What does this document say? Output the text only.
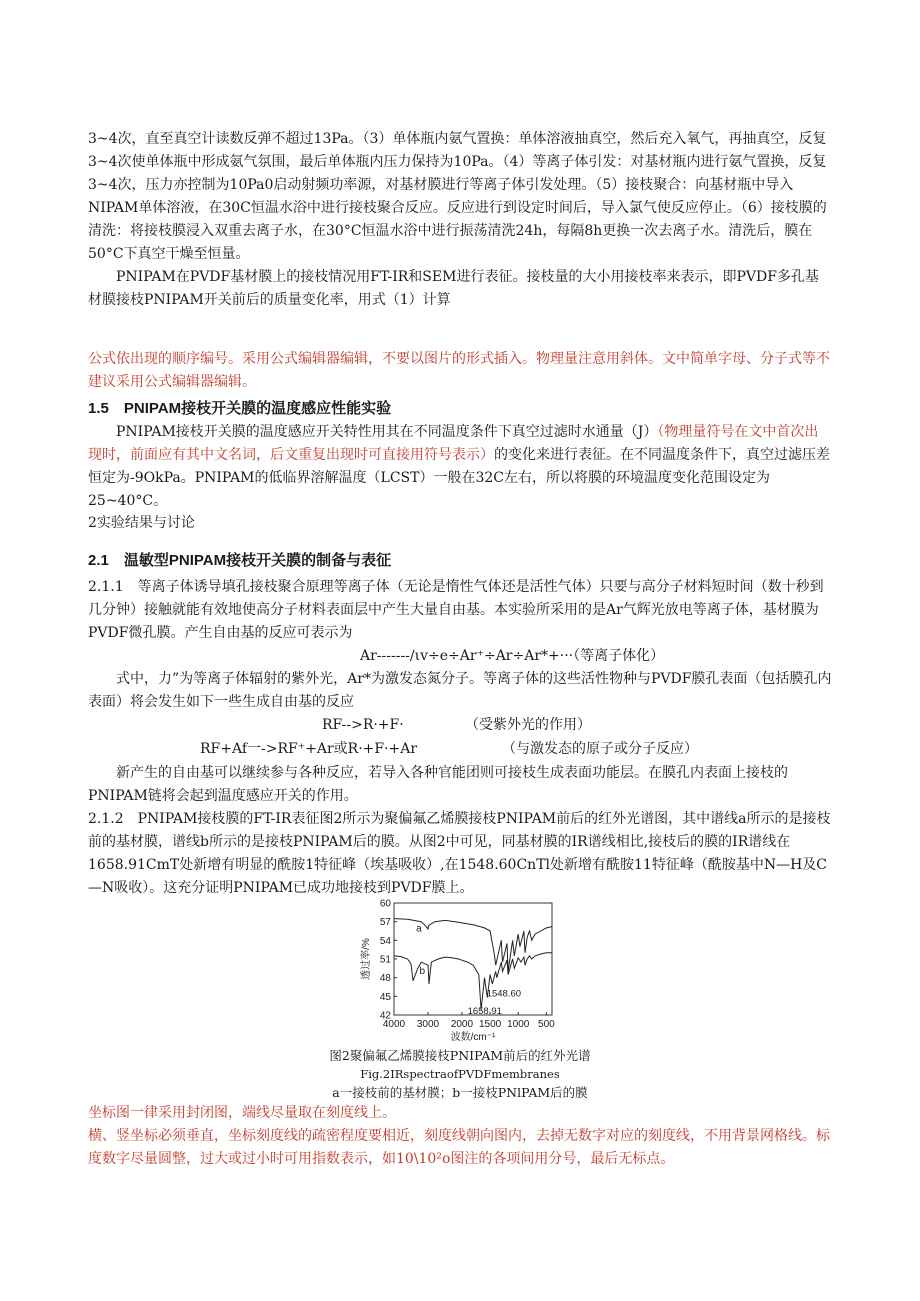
3~4次，直至真空计读数反弹不超过13Pa。（3）单体瓶内氨气置换：单体溶液抽真空，然后充入氧气，再抽真空，反复3~4次使单体瓶中形成氨气氛围，最后单体瓶内压力保持为10Pa。（4）等离子体引发：对基材瓶内进行氨气置换，反复3~4次，压力亦控制为10Pa0启动射频功率源，对基材膜进行等离子体引发处理。（5）接枝聚合：向基材瓶中导入NIPAM单体溶液，在30C恒温水浴中进行接枝聚合反应。反应进行到设定时间后，导入氯气使反应停止。（6）接枝膜的清洗：将接枝膜浸入双重去离子水，在30°C恒温水浴中进行振荡清洗24h，每隔8h更换一次去离子水。清洗后，膜在50°C下真空干燥至恒量。

PNIPAM在PVDF基材膜上的接枝情况用FT-IR和SEM进行表征。接枝量的大小用接枝率来表示，即PVDF多孔基材膜接枝PNIPAM开关前后的质量变化率，用式（1）计算

公式依出现的顺序编号。采用公式编辑器编辑，不要以图片的形式插入。物理量注意用斜体。文中简单字母、分子式等不建议采用公式编辑器编辑。

1.5　PNIPAM接枝开关膜的温度感应性能实验

PNIPAM接枝开关膜的温度感应开关特性用其在不同温度条件下真空过滤时水通量（J）（物理量符号在文中首次出现时，前面应有其中文名词，后文重复出现时可直接用符号表示）的变化来进行表征。在不同温度条件下，真空过滤压差恒定为-9OkPa。PNIPAM的低临界溶解温度（LCST）一般在32C左右，所以将膜的环境温度变化范围设定为25~40°C。

2实验结果与讨论

2.1　温敏型PNIPAM接枝开关膜的制备与表征

2.1.1　等离子体诱导填孔接枝聚合原理等离子体（无论是惰性气体还是活性气体）只要与高分子材料短时间（数十秒到几分钟）接触就能有效地使高分子材料表面层中产生大量自由基。本实验所采用的是Ar气辉光放电等离子体，基材膜为PVDF微孔膜。产生自由基的反应可表示为

Ar-------∕ιv÷e÷Ar⁺÷Ar÷Ar*+···（等离子体化）

式中，力”为等离子体辐射的紫外光，Ar*为激发态氮分子。等离子体的这些活性物种与PVDF膜孔表面（包括膜孔内表面）将会发生如下一些生成自由基的反应

RF-->R·+F·	（受紫外光的作用）
RF+Af一->RF⁺+Ar或R·+F·+Ar	（与激发态的原子或分子反应）

新产生的自由基可以继续参与各种反应，若导入各种官能团则可接枝生成表面功能层。在膜孔内表面上接枝的PNIPAM链将会起到温度感应开关的作用。

2.1.2　PNIPAM接枝膜的FT-IR表征图2所示为聚偏氟乙烯膜接枝PNIPAM前后的红外光谱图，其中谱线a所示的是接枝前的基材膜，谱线b所示的是接枝PNIPAM后的膜。从图2中可见，同基材膜的IR谱线相比,接枝后的膜的IR谱线在1658.91CmT处新增有明显的酰胺1特征峰（埃基吸收）,在1548.60CnTl处新增有酰胺11特征峰（酰胺基中N—H及C—N吸收）。这充分证明PNIPAM已成功地接枝到PVDF膜上。

60
57
54
51
48
45
42
4000 3000 2000 1500 1000 500
波数/cm⁻¹
透过率/%
a
b
1658.91
1548.60
图2聚偏氟乙烯膜接枝PNIPAM前后的红外光谱
Fig.2IRspectraofPVDFmembranes
a一接枝前的基材膜；b一接枝PNlPAM后的膜

坐标图一律采用封闭图，端线尽量取在刻度线上。

横、竖坐标必须垂直，坐标刻度线的疏密程度要相近，刻度线朝向图内，去掉无数字对应的刻度线，不用背景网格线。标度数字尽量圆整，过大或过小时可用指数表示，如10\10²o图注的各项间用分号，最后无标点。
